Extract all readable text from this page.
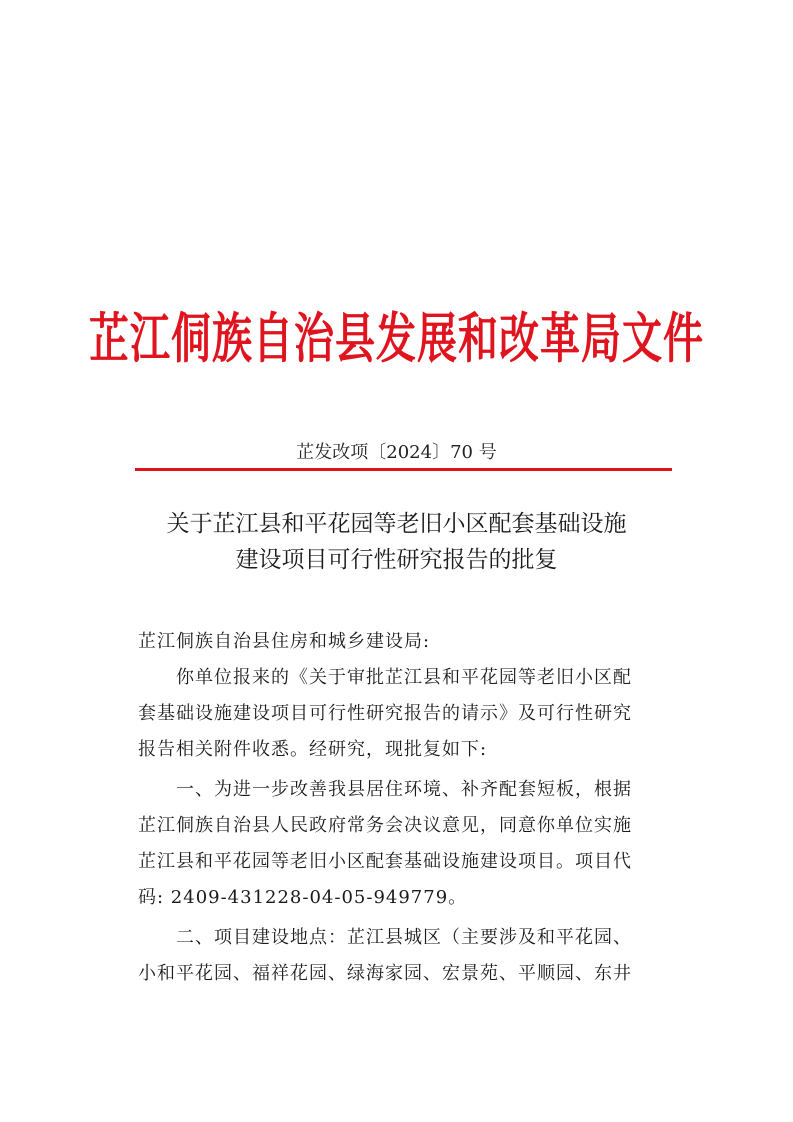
芷江侗族自治县发展和改革局文件
芷发改项〔2024〕70 号
关于芷江县和平花园等老旧小区配套基础设施
建设项目可行性研究报告的批复
芷江侗族自治县住房和城乡建设局:
你单位报来的《关于审批芷江县和平花园等老旧小区配
套基础设施建设项目可行性研究报告的请示》及可行性研究
报告相关附件收悉。经研究，现批复如下:
一、为进一步改善我县居住环境、补齐配套短板，根据
芷江侗族自治县人民政府常务会决议意见，同意你单位实施
芷江县和平花园等老旧小区配套基础设施建设项目。项目代
码: 2409-431228-04-05-949779。
二、项目建设地点：芷江县城区（主要涉及和平花园、
小和平花园、福祥花园、绿海家园、宏景苑、平顺园、东井
